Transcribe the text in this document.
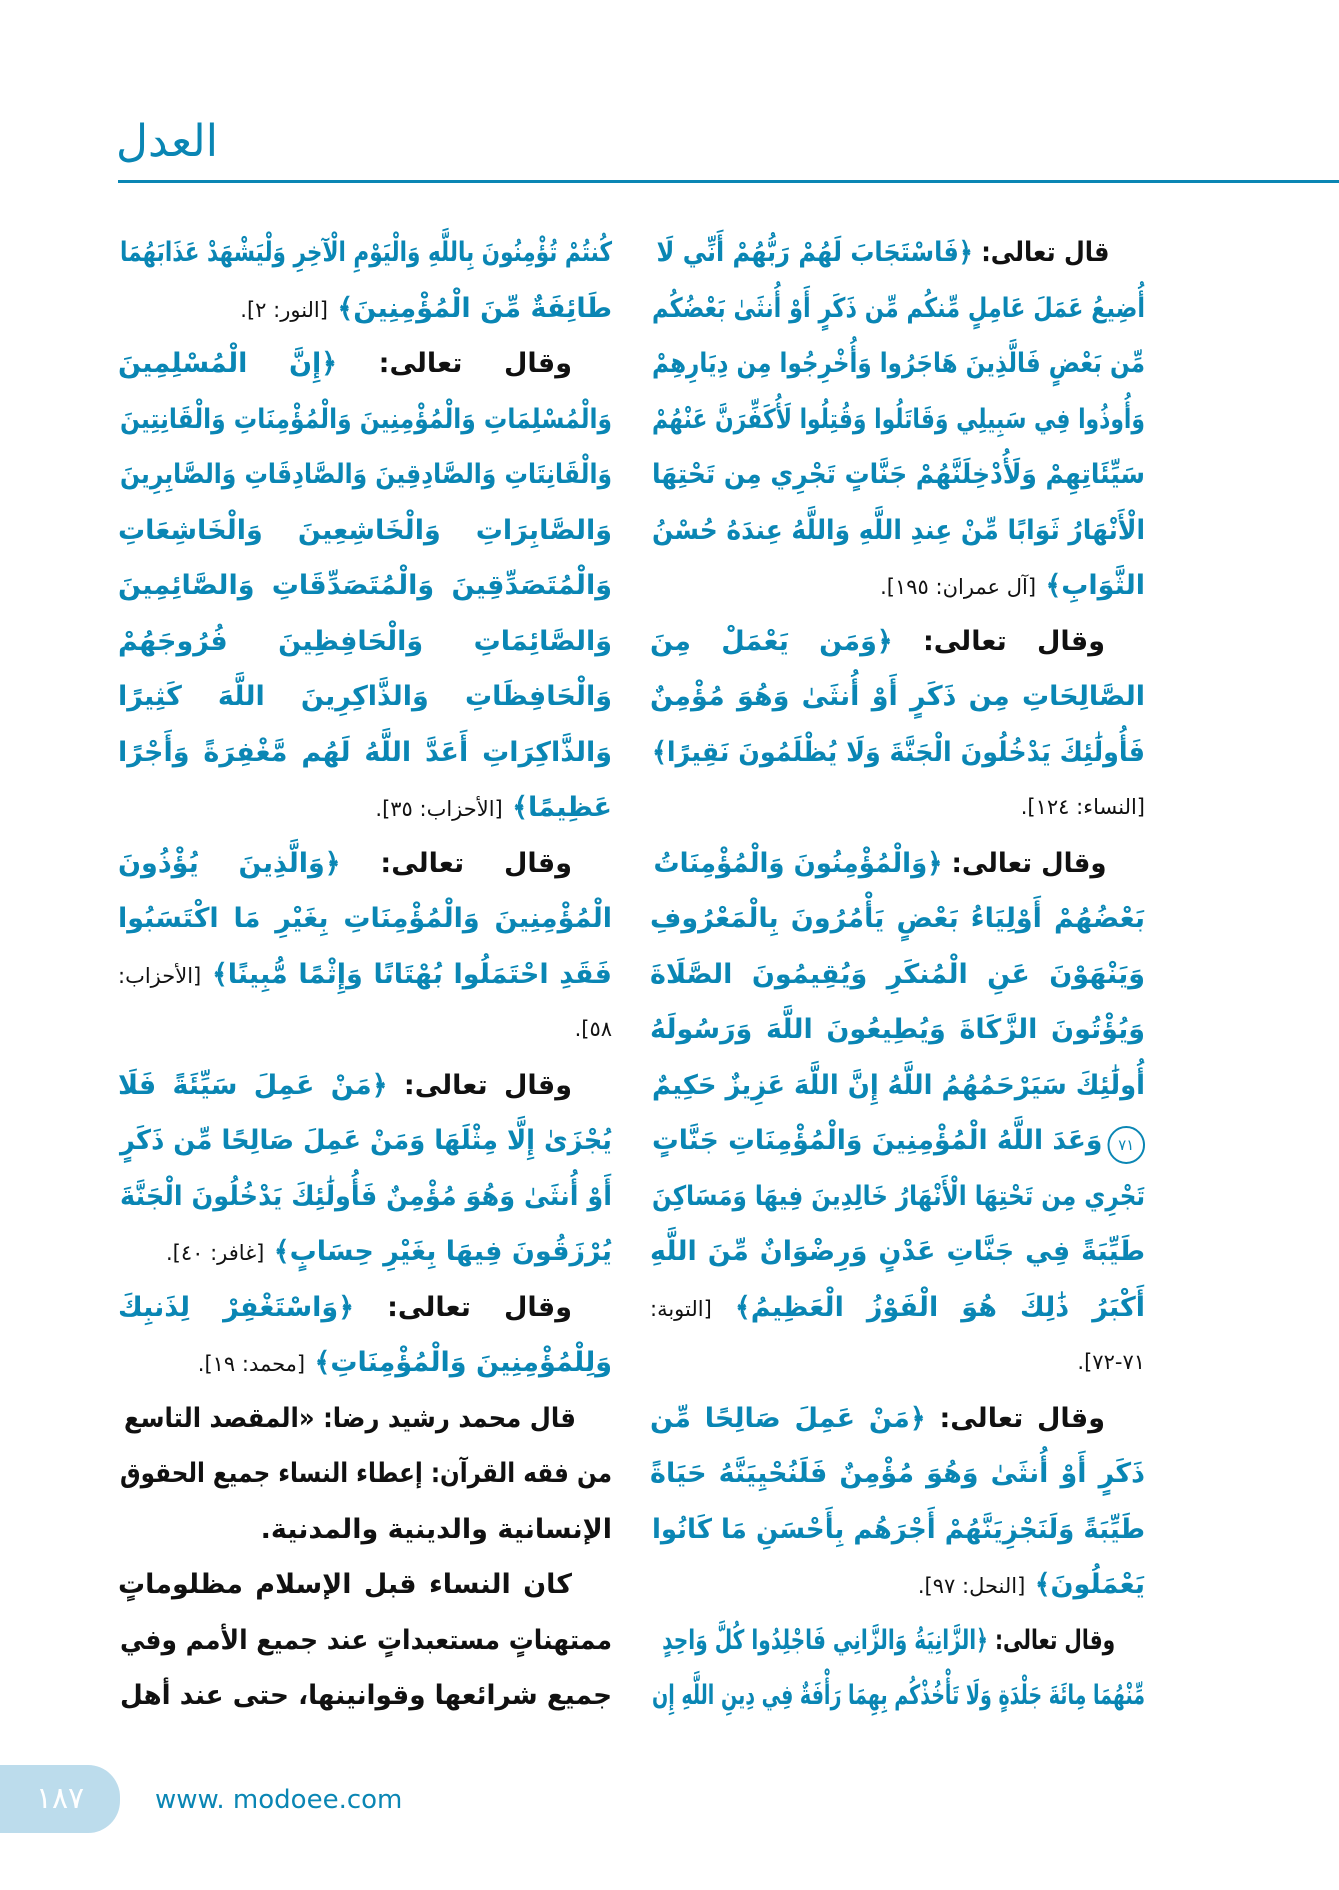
العدل
قال تعالى: ﴿فَاسْتَجَابَ لَهُمْ رَبُّهُمْ أَنِّي لَا
أُضِيعُ عَمَلَ عَامِلٍ مِّنكُم مِّن ذَكَرٍ أَوْ أُنثَىٰ بَعْضُكُم
مِّن بَعْضٍ فَالَّذِينَ هَاجَرُوا وَأُخْرِجُوا مِن دِيَارِهِمْ
وَأُوذُوا فِي سَبِيلِي وَقَاتَلُوا وَقُتِلُوا لَأُكَفِّرَنَّ عَنْهُمْ
سَيِّئَاتِهِمْ وَلَأُدْخِلَنَّهُمْ جَنَّاتٍ تَجْرِي مِن تَحْتِهَا
الْأَنْهَارُ ثَوَابًا مِّنْ عِندِ اللَّهِ وَاللَّهُ عِندَهُ حُسْنُ
الثَّوَابِ﴾ [آل عمران: ١٩٥].
وقال تعالى: ﴿وَمَن يَعْمَلْ مِنَ
الصَّالِحَاتِ مِن ذَكَرٍ أَوْ أُنثَىٰ وَهُوَ مُؤْمِنٌ
فَأُولَٰئِكَ يَدْخُلُونَ الْجَنَّةَ وَلَا يُظْلَمُونَ نَقِيرًا﴾
[النساء: ١٢٤].
وقال تعالى: ﴿وَالْمُؤْمِنُونَ وَالْمُؤْمِنَاتُ
بَعْضُهُمْ أَوْلِيَاءُ بَعْضٍ يَأْمُرُونَ بِالْمَعْرُوفِ
وَيَنْهَوْنَ عَنِ الْمُنكَرِ وَيُقِيمُونَ الصَّلَاةَ
وَيُؤْتُونَ الزَّكَاةَ وَيُطِيعُونَ اللَّهَ وَرَسُولَهُ
أُولَٰئِكَ سَيَرْحَمُهُمُ اللَّهُ إِنَّ اللَّهَ عَزِيزٌ حَكِيمٌ
٧١ وَعَدَ اللَّهُ الْمُؤْمِنِينَ وَالْمُؤْمِنَاتِ جَنَّاتٍ
تَجْرِي مِن تَحْتِهَا الْأَنْهَارُ خَالِدِينَ فِيهَا وَمَسَاكِنَ
طَيِّبَةً فِي جَنَّاتِ عَدْنٍ وَرِضْوَانٌ مِّنَ اللَّهِ
أَكْبَرُ ذَٰلِكَ هُوَ الْفَوْزُ الْعَظِيمُ﴾ [التوبة:
٧١-٧٢].
وقال تعالى: ﴿مَنْ عَمِلَ صَالِحًا مِّن
ذَكَرٍ أَوْ أُنثَىٰ وَهُوَ مُؤْمِنٌ فَلَنُحْيِيَنَّهُ حَيَاةً
طَيِّبَةً وَلَنَجْزِيَنَّهُمْ أَجْرَهُم بِأَحْسَنِ مَا كَانُوا
يَعْمَلُونَ﴾ [النحل: ٩٧].
وقال تعالى: ﴿الزَّانِيَةُ وَالزَّانِي فَاجْلِدُوا كُلَّ وَاحِدٍ
مِّنْهُمَا مِائَةَ جَلْدَةٍ وَلَا تَأْخُذْكُم بِهِمَا رَأْفَةٌ فِي دِينِ اللَّهِ إِن
كُنتُمْ تُؤْمِنُونَ بِاللَّهِ وَالْيَوْمِ الْآخِرِ وَلْيَشْهَدْ عَذَابَهُمَا
طَائِفَةٌ مِّنَ الْمُؤْمِنِينَ﴾ [النور: ٢].
وقال تعالى: ﴿إِنَّ الْمُسْلِمِينَ
وَالْمُسْلِمَاتِ وَالْمُؤْمِنِينَ وَالْمُؤْمِنَاتِ وَالْقَانِتِينَ
وَالْقَانِتَاتِ وَالصَّادِقِينَ وَالصَّادِقَاتِ وَالصَّابِرِينَ
وَالصَّابِرَاتِ وَالْخَاشِعِينَ وَالْخَاشِعَاتِ
وَالْمُتَصَدِّقِينَ وَالْمُتَصَدِّقَاتِ وَالصَّائِمِينَ
وَالصَّائِمَاتِ وَالْحَافِظِينَ فُرُوجَهُمْ
وَالْحَافِظَاتِ وَالذَّاكِرِينَ اللَّهَ كَثِيرًا
وَالذَّاكِرَاتِ أَعَدَّ اللَّهُ لَهُم مَّغْفِرَةً وَأَجْرًا
عَظِيمًا﴾ [الأحزاب: ٣٥].
وقال تعالى: ﴿وَالَّذِينَ يُؤْذُونَ
الْمُؤْمِنِينَ وَالْمُؤْمِنَاتِ بِغَيْرِ مَا اكْتَسَبُوا
فَقَدِ احْتَمَلُوا بُهْتَانًا وَإِثْمًا مُّبِينًا﴾ [الأحزاب:
٥٨].
وقال تعالى: ﴿مَنْ عَمِلَ سَيِّئَةً فَلَا
يُجْزَىٰ إِلَّا مِثْلَهَا وَمَنْ عَمِلَ صَالِحًا مِّن ذَكَرٍ
أَوْ أُنثَىٰ وَهُوَ مُؤْمِنٌ فَأُولَٰئِكَ يَدْخُلُونَ الْجَنَّةَ
يُرْزَقُونَ فِيهَا بِغَيْرِ حِسَابٍ﴾ [غافر: ٤٠].
وقال تعالى: ﴿وَاسْتَغْفِرْ لِذَنبِكَ
وَلِلْمُؤْمِنِينَ وَالْمُؤْمِنَاتِ﴾ [محمد: ١٩].
قال محمد رشيد رضا: «المقصد التاسع
من فقه القرآن: إعطاء النساء جميع الحقوق
الإنسانية والدينية والمدنية.
كان النساء قبل الإسلام مظلوماتٍ
ممتهناتٍ مستعبداتٍ عند جميع الأمم وفي
جميع شرائعها وقوانينها، حتى عند أهل
١٨٧	www. modoee.com
